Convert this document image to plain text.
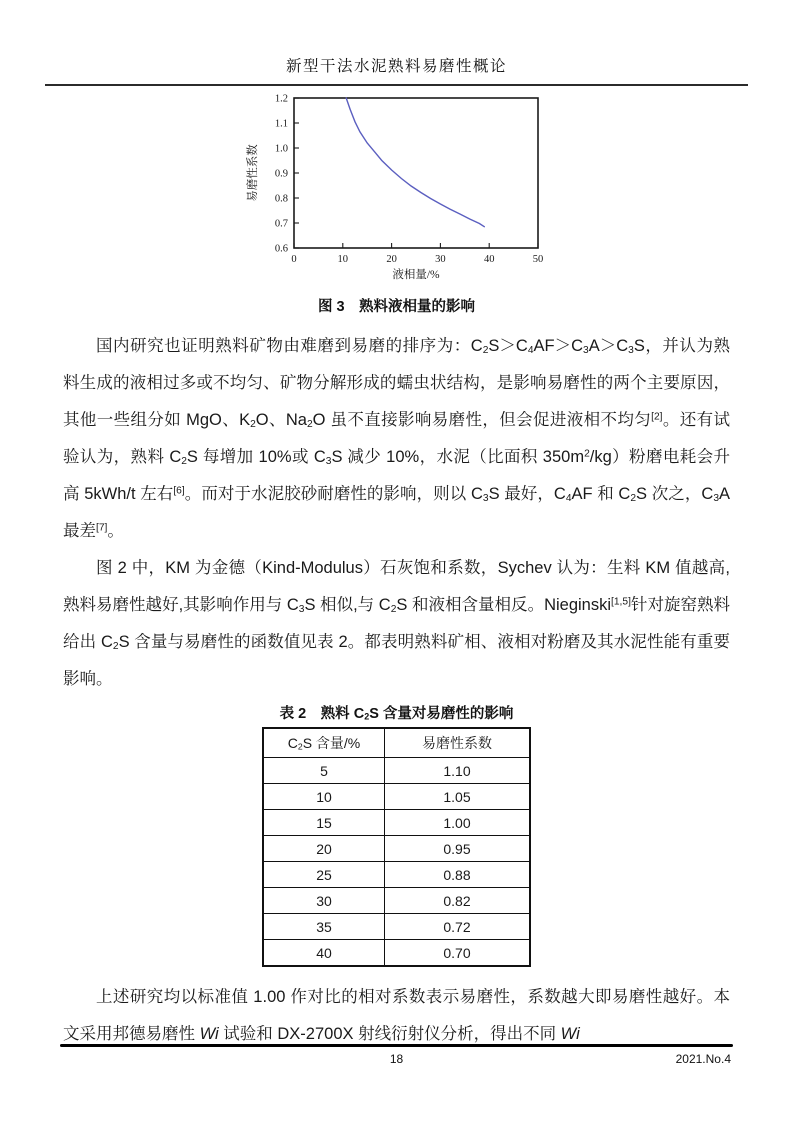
新型干法水泥熟料易磨性概论
0	10	20	30	40	50
0.6
0.7
0.8
0.9
1.0
1.1
1.2
液相量/%
易磨性系数
图 3　熟料液相量的影响

国内研究也证明熟料矿物由难磨到易磨的排序为：$C_2S>C_4AF>C_3A>C_3S$，并认为熟料生成的液相过多或不均匀、矿物分解形成的蠕虫状结构，是影响易磨性的两个主要原因，其他一些组分如 MgO、$K_2O$、$Na_2O$ 虽不直接影响易磨性，但会促进液相不均匀[2]。还有试验认为，熟料 $C_2S$ 每增加 10%或 $C_3S$ 减少 10%，水泥（比面积 $350m^2/kg$）粉磨电耗会升高 5kWh/t 左右[6]。而对于水泥胶砂耐磨性的影响，则以 $C_3S$ 最好，$C_4AF$ 和 $C_2S$ 次之，$C_3A$ 最差[7]。

图 2 中，KM 为金德（Kind-Modulus）石灰饱和系数，Sychev 认为：生料 KM 值越高,熟料易磨性越好,其影响作用与 $C_3S$ 相似,与 $C_2S$ 和液相含量相反。Nieginski[1,5]针对旋窑熟料给出 $C_2S$ 含量与易磨性的函数值见表 2。都表明熟料矿相、液相对粉磨及其水泥性能有重要影响。

表 2　熟料 $C_2S$ 含量对易磨性的影响
$C_2S$ 含量/%	易磨性系数
5	1.10
10	1.05
15	1.00
20	0.95
25	0.88
30	0.82
35	0.72
40	0.70

上述研究均以标准值 1.00 作对比的相对系数表示易磨性，系数越大即易磨性越好。本文采用邦德易磨性 Wi 试验和 DX-2700X 射线衍射仪分析，得出不同 Wi

18	2021.No.4
